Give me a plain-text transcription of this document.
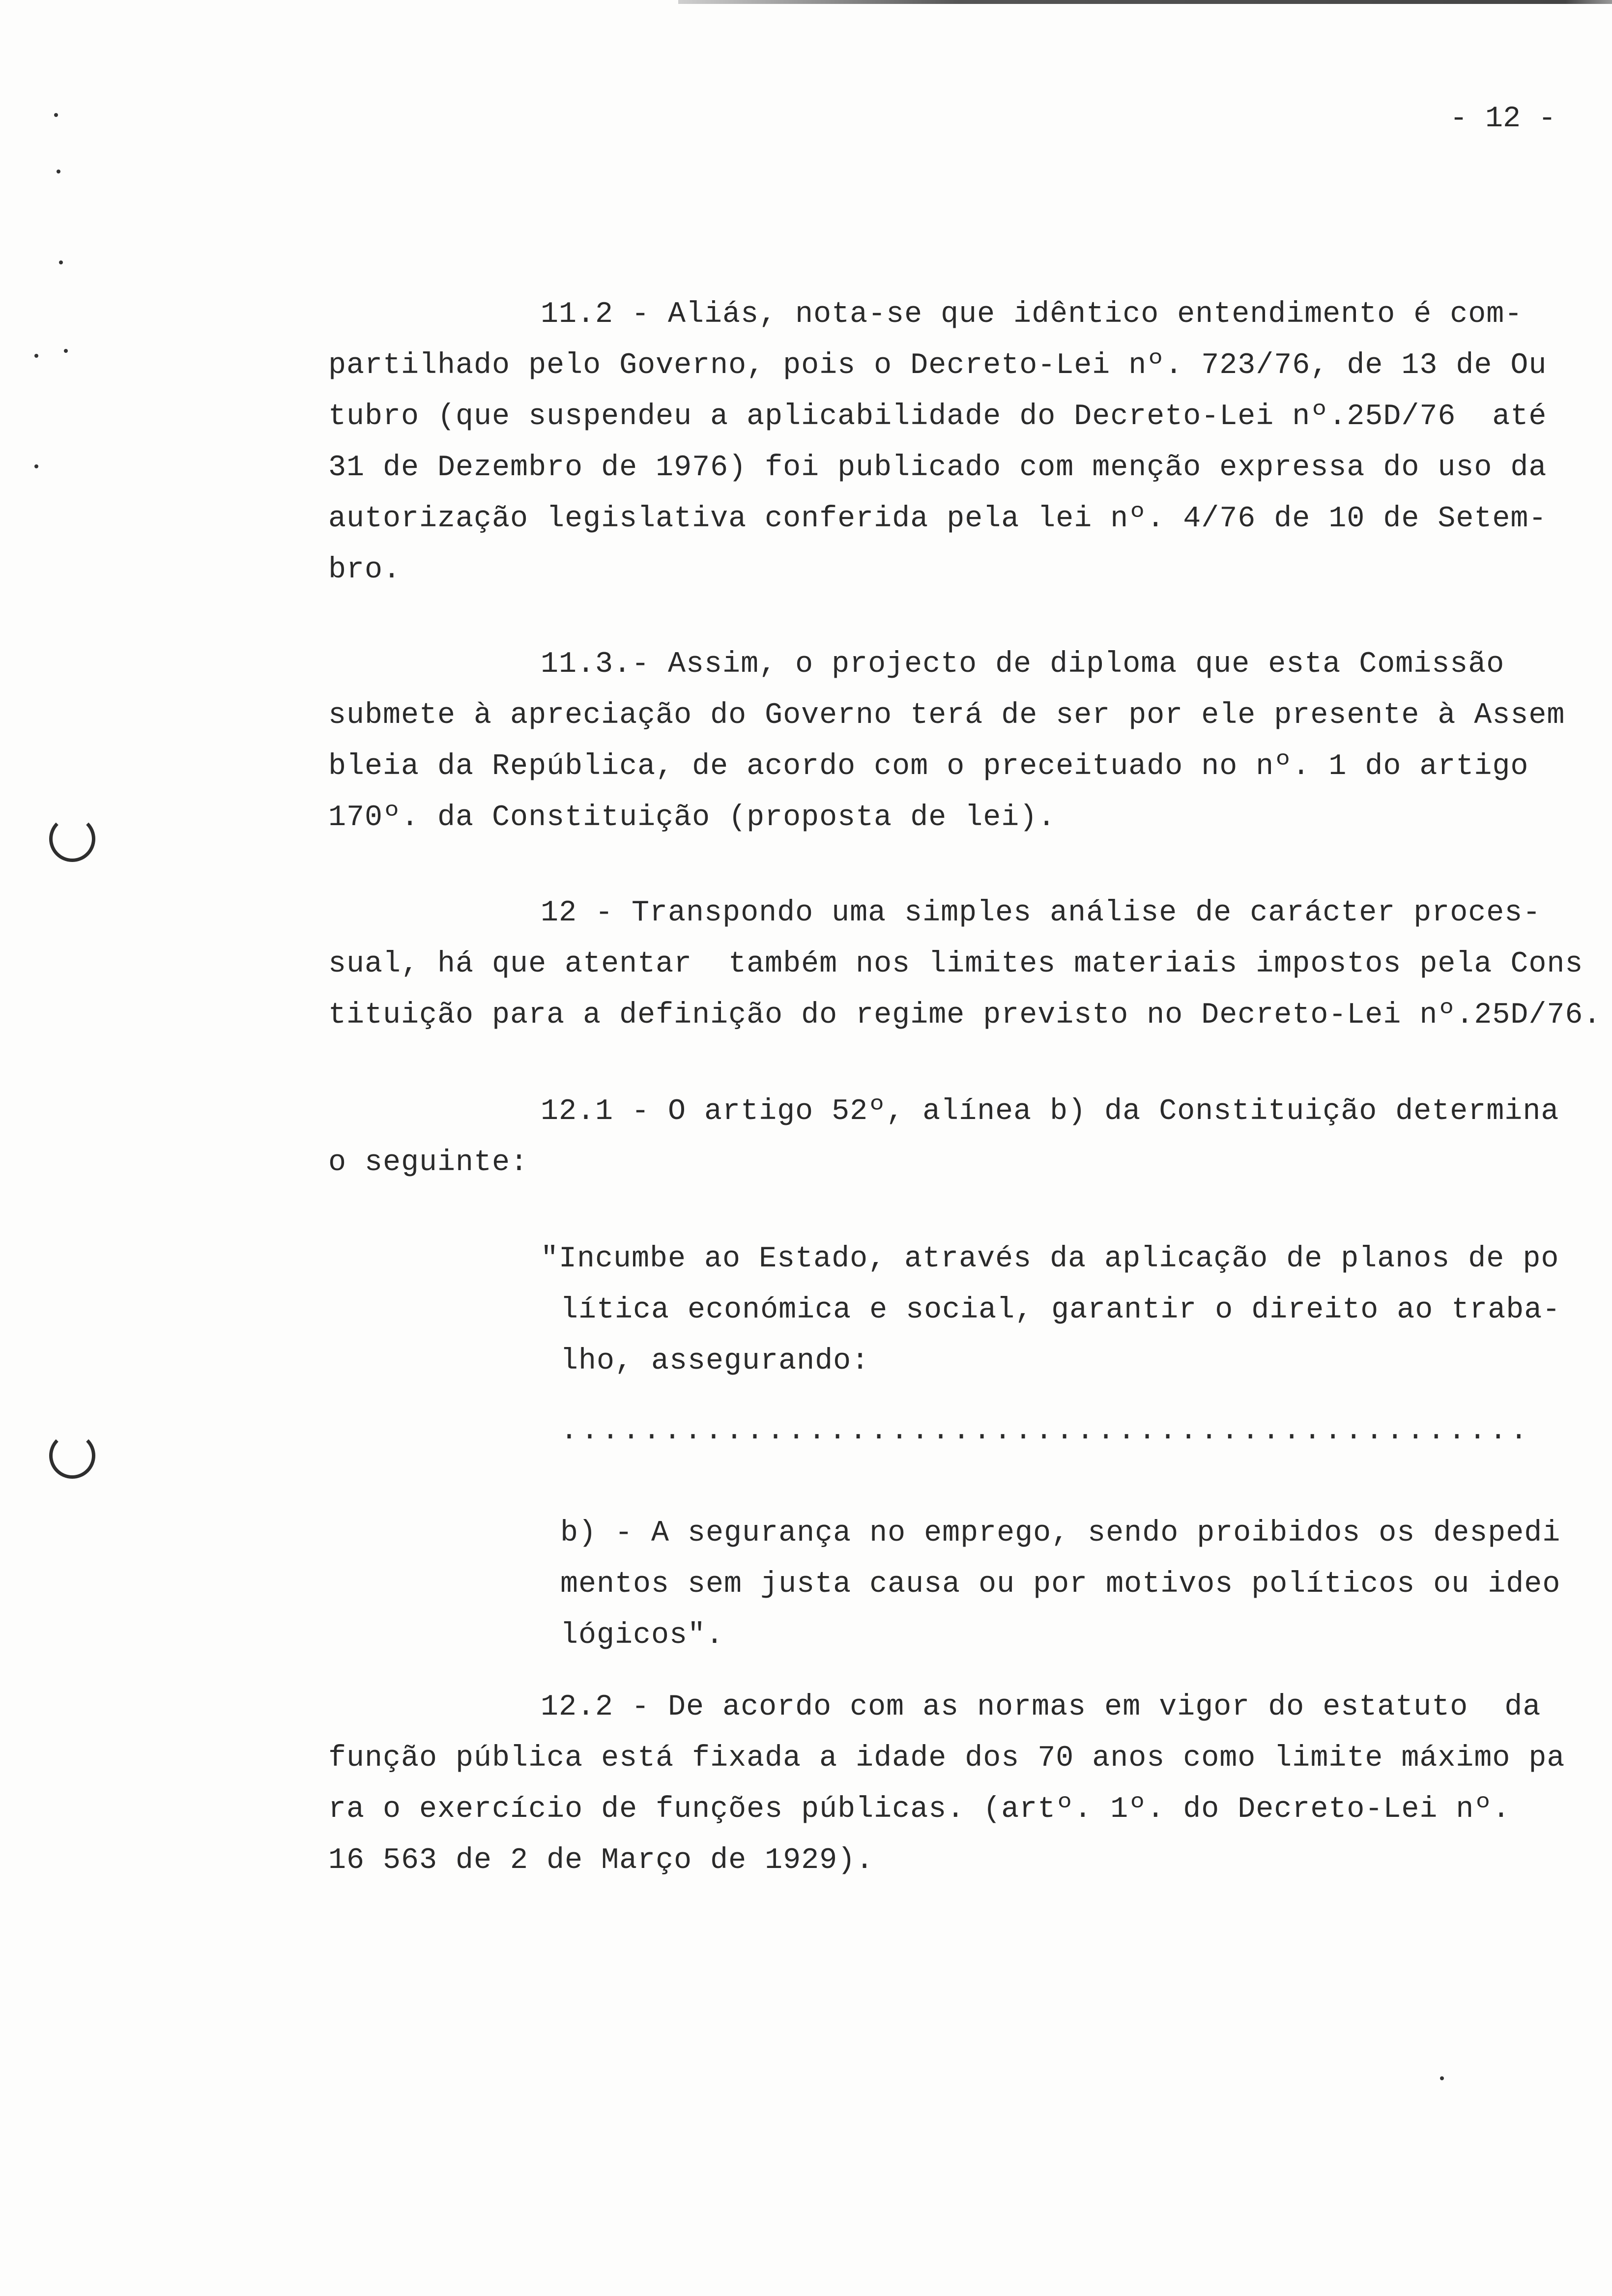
- 12 -
11.2 - Aliás, nota-se que idêntico entendimento é com-
partilhado pelo Governo, pois o Decreto-Lei nº. 723/76, de 13 de Ou
tubro (que suspendeu a aplicabilidade do Decreto-Lei nº.25D/76  até
31 de Dezembro de 1976) foi publicado com menção expressa do uso da
autorização legislativa conferida pela lei nº. 4/76 de 10 de Setem-
bro.
11.3.- Assim, o projecto de diploma que esta Comissão
submete à apreciação do Governo terá de ser por ele presente à Assem
bleia da República, de acordo com o preceituado no nº. 1 do artigo
170º. da Constituição (proposta de lei).
12 - Transpondo uma simples análise de carácter proces-
sual, há que atentar  também nos limites materiais impostos pela Cons
tituição para a definição do regime previsto no Decreto-Lei nº.25D/76.
12.1 - O artigo 52º, alínea b) da Constituição determina
o seguinte:
"Incumbe ao Estado, através da aplicação de planos de po
lítica económica e social, garantir o direito ao traba-
lho, assegurando:
...............................................
b) - A segurança no emprego, sendo proibidos os despedi
mentos sem justa causa ou por motivos políticos ou ideo
lógicos".
12.2 - De acordo com as normas em vigor do estatuto  da
função pública está fixada a idade dos 70 anos como limite máximo pa
ra o exercício de funções públicas. (artº. 1º. do Decreto-Lei nº.
16 563 de 2 de Março de 1929).
